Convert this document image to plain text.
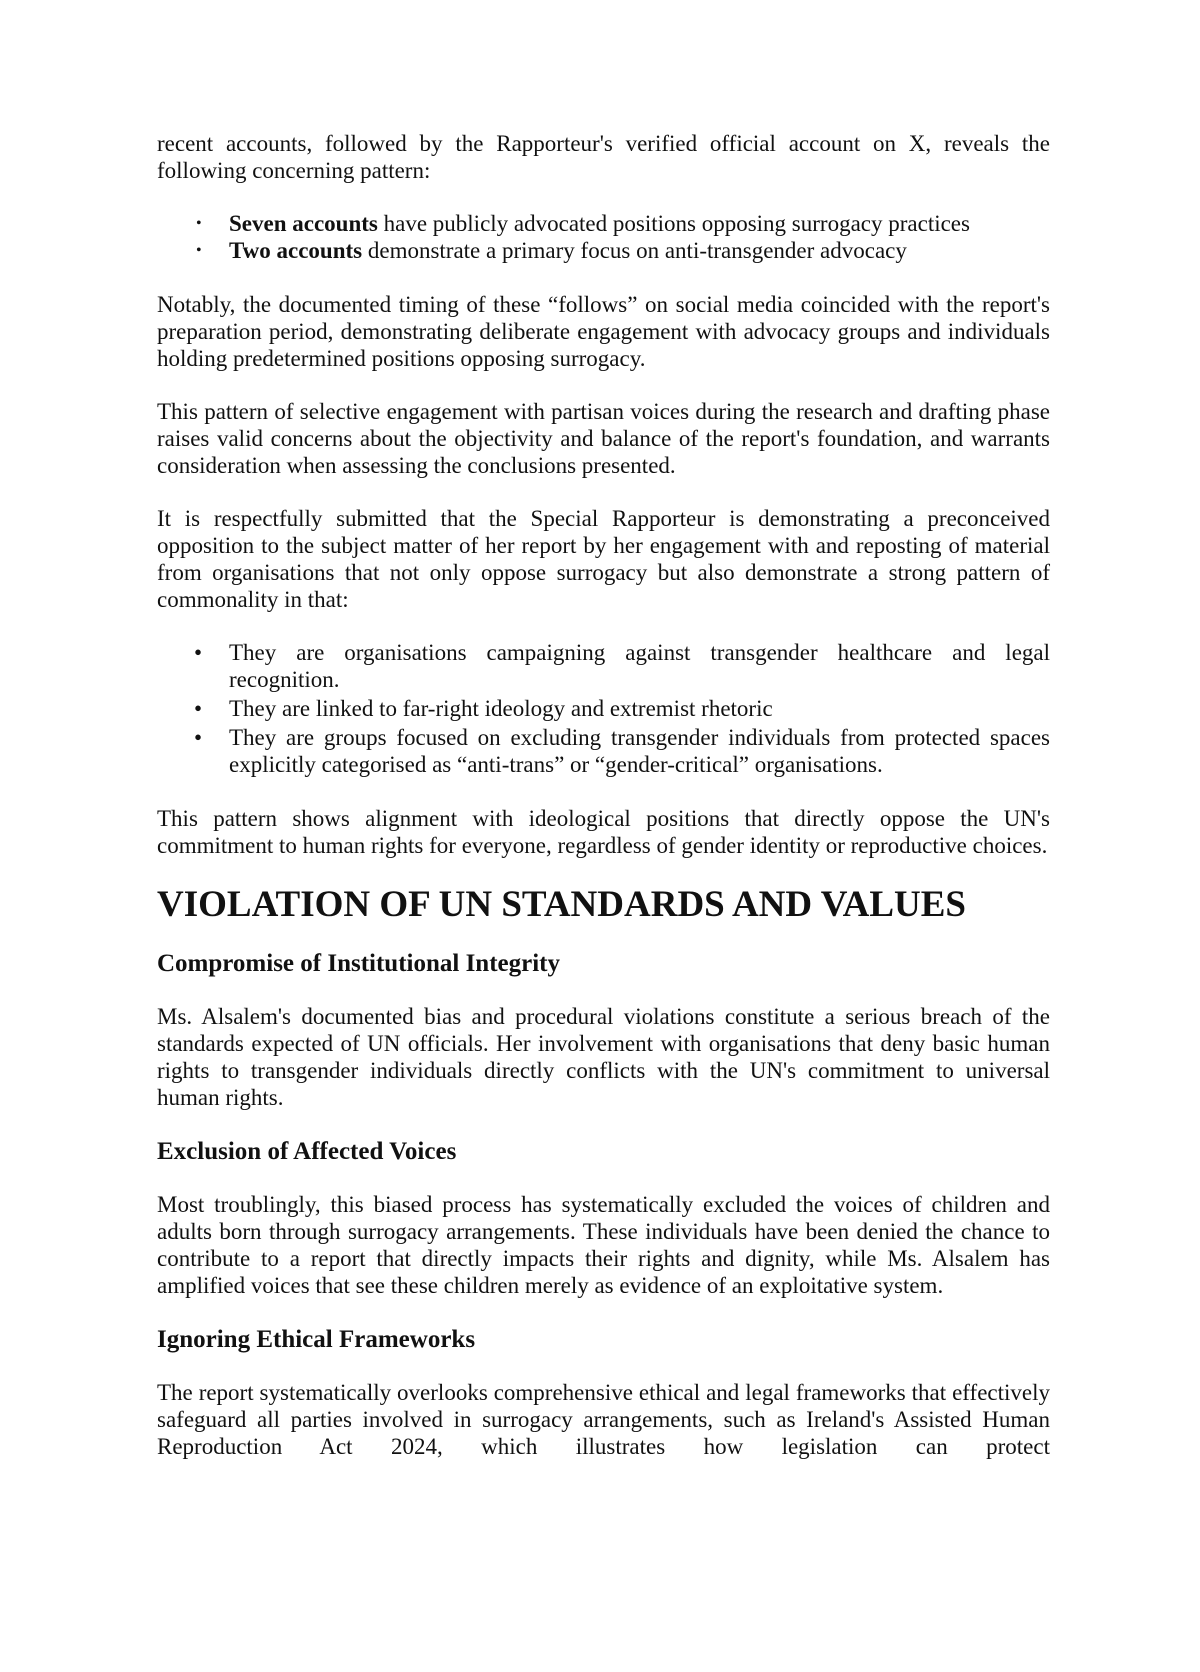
recent accounts, followed by the Rapporteur's verified official account on X, reveals the following concerning pattern:

• Seven accounts have publicly advocated positions opposing surrogacy practices
• Two accounts demonstrate a primary focus on anti-transgender advocacy

Notably, the documented timing of these “follows” on social media coincided with the report's preparation period, demonstrating deliberate engagement with advocacy groups and individuals holding predetermined positions opposing surrogacy.

This pattern of selective engagement with partisan voices during the research and drafting phase raises valid concerns about the objectivity and balance of the report's foundation, and warrants consideration when assessing the conclusions presented.

It is respectfully submitted that the Special Rapporteur is demonstrating a preconceived opposition to the subject matter of her report by her engagement with and reposting of material from organisations that not only oppose surrogacy but also demonstrate a strong pattern of commonality in that:

• They are organisations campaigning against transgender healthcare and legal recognition.
• They are linked to far-right ideology and extremist rhetoric
• They are groups focused on excluding transgender individuals from protected spaces explicitly categorised as “anti-trans” or “gender-critical” organisations.

This pattern shows alignment with ideological positions that directly oppose the UN's commitment to human rights for everyone, regardless of gender identity or reproductive choices.

VIOLATION OF UN STANDARDS AND VALUES
Compromise of Institutional Integrity

Ms. Alsalem's documented bias and procedural violations constitute a serious breach of the standards expected of UN officials. Her involvement with organisations that deny basic human rights to transgender individuals directly conflicts with the UN's commitment to universal human rights.

Exclusion of Affected Voices

Most troublingly, this biased process has systematically excluded the voices of children and adults born through surrogacy arrangements. These individuals have been denied the chance to contribute to a report that directly impacts their rights and dignity, while Ms. Alsalem has amplified voices that see these children merely as evidence of an exploitative system.

Ignoring Ethical Frameworks

The report systematically overlooks comprehensive ethical and legal frameworks that effectively safeguard all parties involved in surrogacy arrangements, such as Ireland's Assisted Human Reproduction Act 2024, which illustrates how legislation can protect
